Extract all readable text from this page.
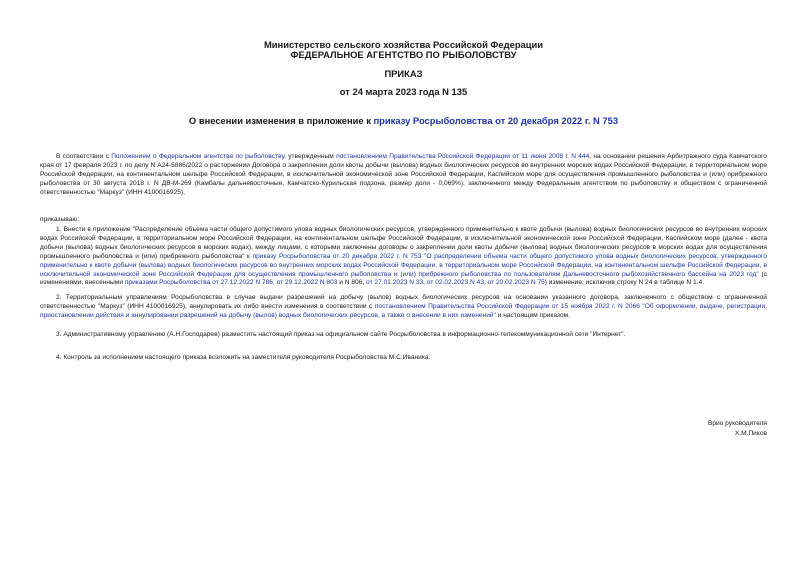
Министерство сельского хозяйства Российской Федерации
ФЕДЕРАЛЬНОЕ АГЕНТСТВО ПО РЫБОЛОВСТВУ
ПРИКАЗ
от 24 марта 2023 года N 135
О внесении изменения в приложение к приказу Росрыболовства от 20 декабря 2022 г. N 753
В соответствии с Положением о Федеральном агентстве по рыболовству, утвержденным постановлением Правительства Российской Федерации от 11 июня 2008 г. N 444, на основании решения Арбитражного суда Камчатского края от 17 февраля 2023 г. по делу N А24-5886/2022 о расторжении Договора о закреплении доли квоты добычи (вылова) водных биологических ресурсов во внутренних морских водах Российской Федерации, в территориальном море Российской Федерации, на континентальном шельфе Российской Федерации, в исключительной экономической зоне Российской Федерации, Каспийском море для осуществления промышленного рыболовства и (или) прибрежного рыболовства от 30 августа 2018 г. N ДВ-М-269 (Камбалы дальневосточные, Камчатско-Курильская подзона, размер доли - 0,069%), заключенного между Федеральным агентством по рыболовству и обществом с ограниченной ответственностью "Маркуз" (ИНН 4100016925),
приказываю:
1. Внести в приложение "Распределение объема части общего допустимого улова водных биологических ресурсов, утвержденного применительно к квоте добычи (вылова) водных биологических ресурсов во внутренних морских водах Российской Федерации, в территориальном море Российской Федерации, на континентальном шельфе Российской Федерации, в исключительной экономической зоне Российской Федерации, Каспийском море (далее - квота добычи (вылова) водных биологических ресурсов в морских водах), между лицами, с которыми заключены договоры о закреплении доли квоты добычи (вылова) водных биологических ресурсов в морских водах для осуществления промышленного рыболовства и (или) прибрежного рыболовства" к приказу Росрыболовства от 20 декабря 2022 г. N 753 "О распределении объема части общего допустимого улова водных биологических ресурсов, утвержденного применительно к квоте добычи (вылова) водных биологических ресурсов во внутренних морских водах Российской Федерации, в территориальном море Российской Федерации, на континентальном шельфе Российской Федерации, в исключительной экономической зоне Российской Федерации для осуществления промышленного рыболовства и (или) прибрежного рыболовства по пользователям Дальневосточного рыбохозяйственного бассейна на 2023 год" (с изменениями, внесенными приказами Росрыболовства от 27.12.2022 N 786, от 29.12.2022 N 803 и N 806, от 27.01.2023 N 33, от 02.02.2023 N 43, от 20.02.2023 N 75) изменение, исключив строку N 24 в таблице N 1.4.
2. Территориальным управлениям Росрыболовства в случае выдачи разрешений на добычу (вылов) водных биологических ресурсов на основании указанного договора, заключенного с обществом с ограниченной ответственностью "Маркуз" (ИНН 4100016925), аннулировать их либо внести изменения в соответствии с постановлением Правительства Российской Федерации от 15 ноября 2022 г. N 2066 "Об оформлении, выдаче, регистрации, приостановлении действия и аннулировании разрешений на добычу (вылов) водных биологических ресурсов, а также о внесении в них изменений" и настоящим приказом.
3. Административному управлению (А.Н.Господарев) разместить настоящий приказ на официальном сайте Росрыболовства в информационно-телекоммуникационной сети "Интернет".
4. Контроль за исполнением настоящего приказа возложить на заместителя руководителя Росрыболовства М.С.Иваника.
Врио руководителя
Х.М.Пиков
